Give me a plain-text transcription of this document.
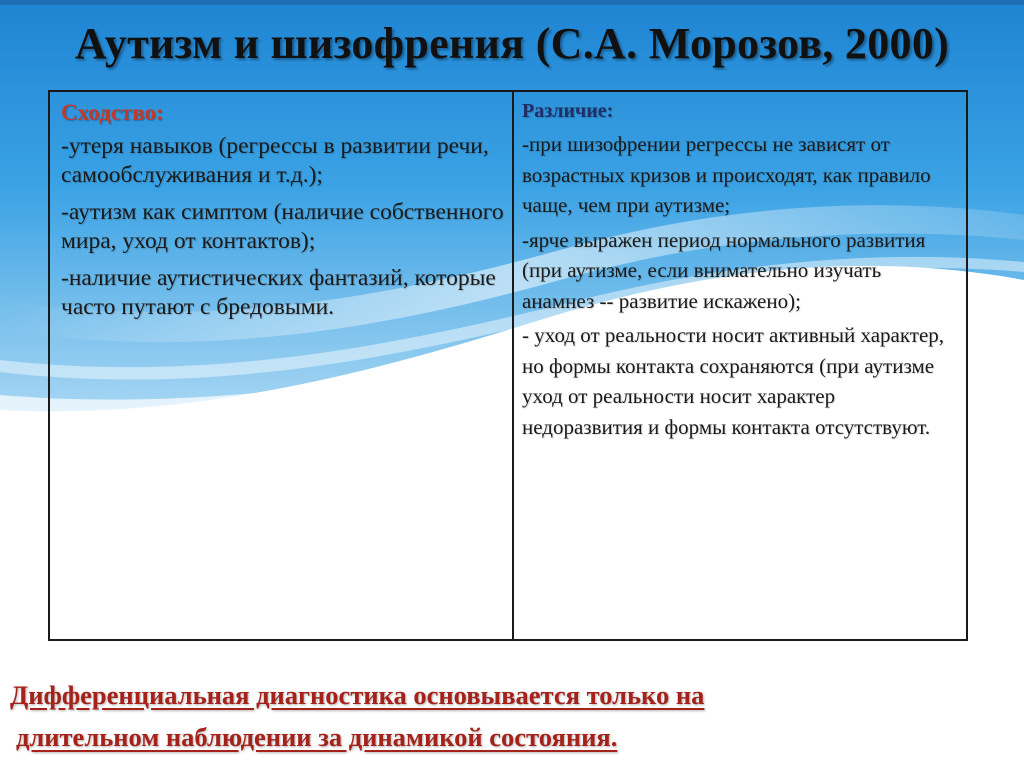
Аутизм и шизофрения (С.А. Морозов, 2000)
Сходство:
-утеря навыков (регрессы в развитии речи, самообслуживания и т.д.);
-аутизм как симптом (наличие собственного мира, уход от контактов);
-наличие аутистических фантазий, которые часто путают с бредовыми.
Различие:
-при шизофрении регрессы не зависят от возрастных кризов и происходят, как правило чаще, чем при аутизме;
-ярче выражен период нормального развития (при аутизме, если внимательно изучать анамнез -- развитие искажено);
- уход от реальности носит активный характер, но формы контакта сохраняются (при аутизме уход от реальности носит характер недоразвития и формы контакта отсутствуют.
Дифференциальная диагностика основывается только на
длительном наблюдении за динамикой состояния.
